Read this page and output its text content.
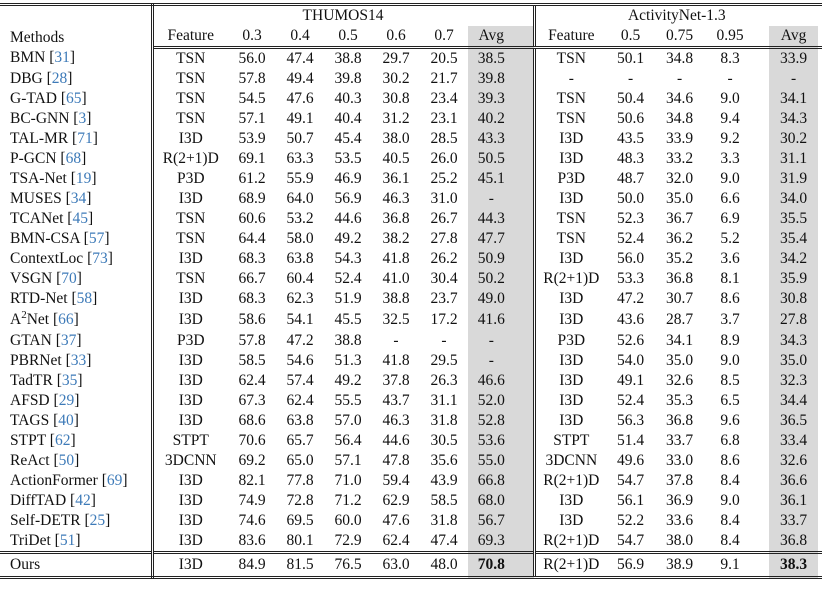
Methods	THUMOS14							ActivityNet-1.3					
	Feature	0.3	0.4	0.5	0.6	0.7	Avg	Feature	0.5	0.75	0.95	Avg	
BMN [31]	TSN	56.0	47.4	38.8	29.7	20.5	38.5	TSN	50.1	34.8	8.3	33.9	
DBG [28]	TSN	57.8	49.4	39.8	30.2	21.7	39.8	-	-	-	-	-	
G-TAD [65]	TSN	54.5	47.6	40.3	30.8	23.4	39.3	TSN	50.4	34.6	9.0	34.1	
BC-GNN [3]	TSN	57.1	49.1	40.4	31.2	23.1	40.2	TSN	50.6	34.8	9.4	34.3	
TAL-MR [71]	I3D	53.9	50.7	45.4	38.0	28.5	43.3	I3D	43.5	33.9	9.2	30.2	
P-GCN [68]	R(2+1)D	69.1	63.3	53.5	40.5	26.0	50.5	I3D	48.3	33.2	3.3	31.1	
TSA-Net [19]	P3D	61.2	55.9	46.9	36.1	25.2	45.1	P3D	48.7	32.0	9.0	31.9	
MUSES [34]	I3D	68.9	64.0	56.9	46.3	31.0	-	I3D	50.0	35.0	6.6	34.0	
TCANet [45]	TSN	60.6	53.2	44.6	36.8	26.7	44.3	TSN	52.3	36.7	6.9	35.5	
BMN-CSA [57]	TSN	64.4	58.0	49.2	38.2	27.8	47.7	TSN	52.4	36.2	5.2	35.4	
ContextLoc [73]	I3D	68.3	63.8	54.3	41.8	26.2	50.9	I3D	56.0	35.2	3.6	34.2	
VSGN [70]	TSN	66.7	60.4	52.4	41.0	30.4	50.2	R(2+1)D	53.3	36.8	8.1	35.9	
RTD-Net [58]	I3D	68.3	62.3	51.9	38.8	23.7	49.0	I3D	47.2	30.7	8.6	30.8	
$A^2Net$ [66]	I3D	58.6	54.1	45.5	32.5	17.2	41.6	I3D	43.6	28.7	3.7	27.8	
GTAN [37]	P3D	57.8	47.2	38.8	-	-	-	P3D	52.6	34.1	8.9	34.3	
PBRNet [33]	I3D	58.5	54.6	51.3	41.8	29.5	-	I3D	54.0	35.0	9.0	35.0	
TadTR [35]	I3D	62.4	57.4	49.2	37.8	26.3	46.6	I3D	49.1	32.6	8.5	32.3	
AFSD [29]	I3D	67.3	62.4	55.5	43.7	31.1	52.0	I3D	52.4	35.3	6.5	34.4	
TAGS [40]	I3D	68.6	63.8	57.0	46.3	31.8	52.8	I3D	56.3	36.8	9.6	36.5	
STPT [62]	STPT	70.6	65.7	56.4	44.6	30.5	53.6	STPT	51.4	33.7	6.8	33.4	
ReAct [50]	3DCNN	69.2	65.0	57.1	47.8	35.6	55.0	3DCNN	49.6	33.0	8.6	32.6	
ActionFormer [69]	I3D	82.1	77.8	71.0	59.4	43.9	66.8	R(2+1)D	54.7	37.8	8.4	36.6	
DiffTAD [42]	I3D	74.9	72.8	71.2	62.9	58.5	68.0	I3D	56.1	36.9	9.0	36.1	
Self-DETR [25]	I3D	74.6	69.5	60.0	47.6	31.8	56.7	I3D	52.2	33.6	8.4	33.7	
TriDet [51]	I3D	83.6	80.1	72.9	62.4	47.4	69.3	R(2+1)D	54.7	38.0	8.4	36.8	
Ours	I3D	84.9	81.5	76.5	63.0	48.0	70.8	R(2+1)D	56.9	38.9	9.1	38.3	
